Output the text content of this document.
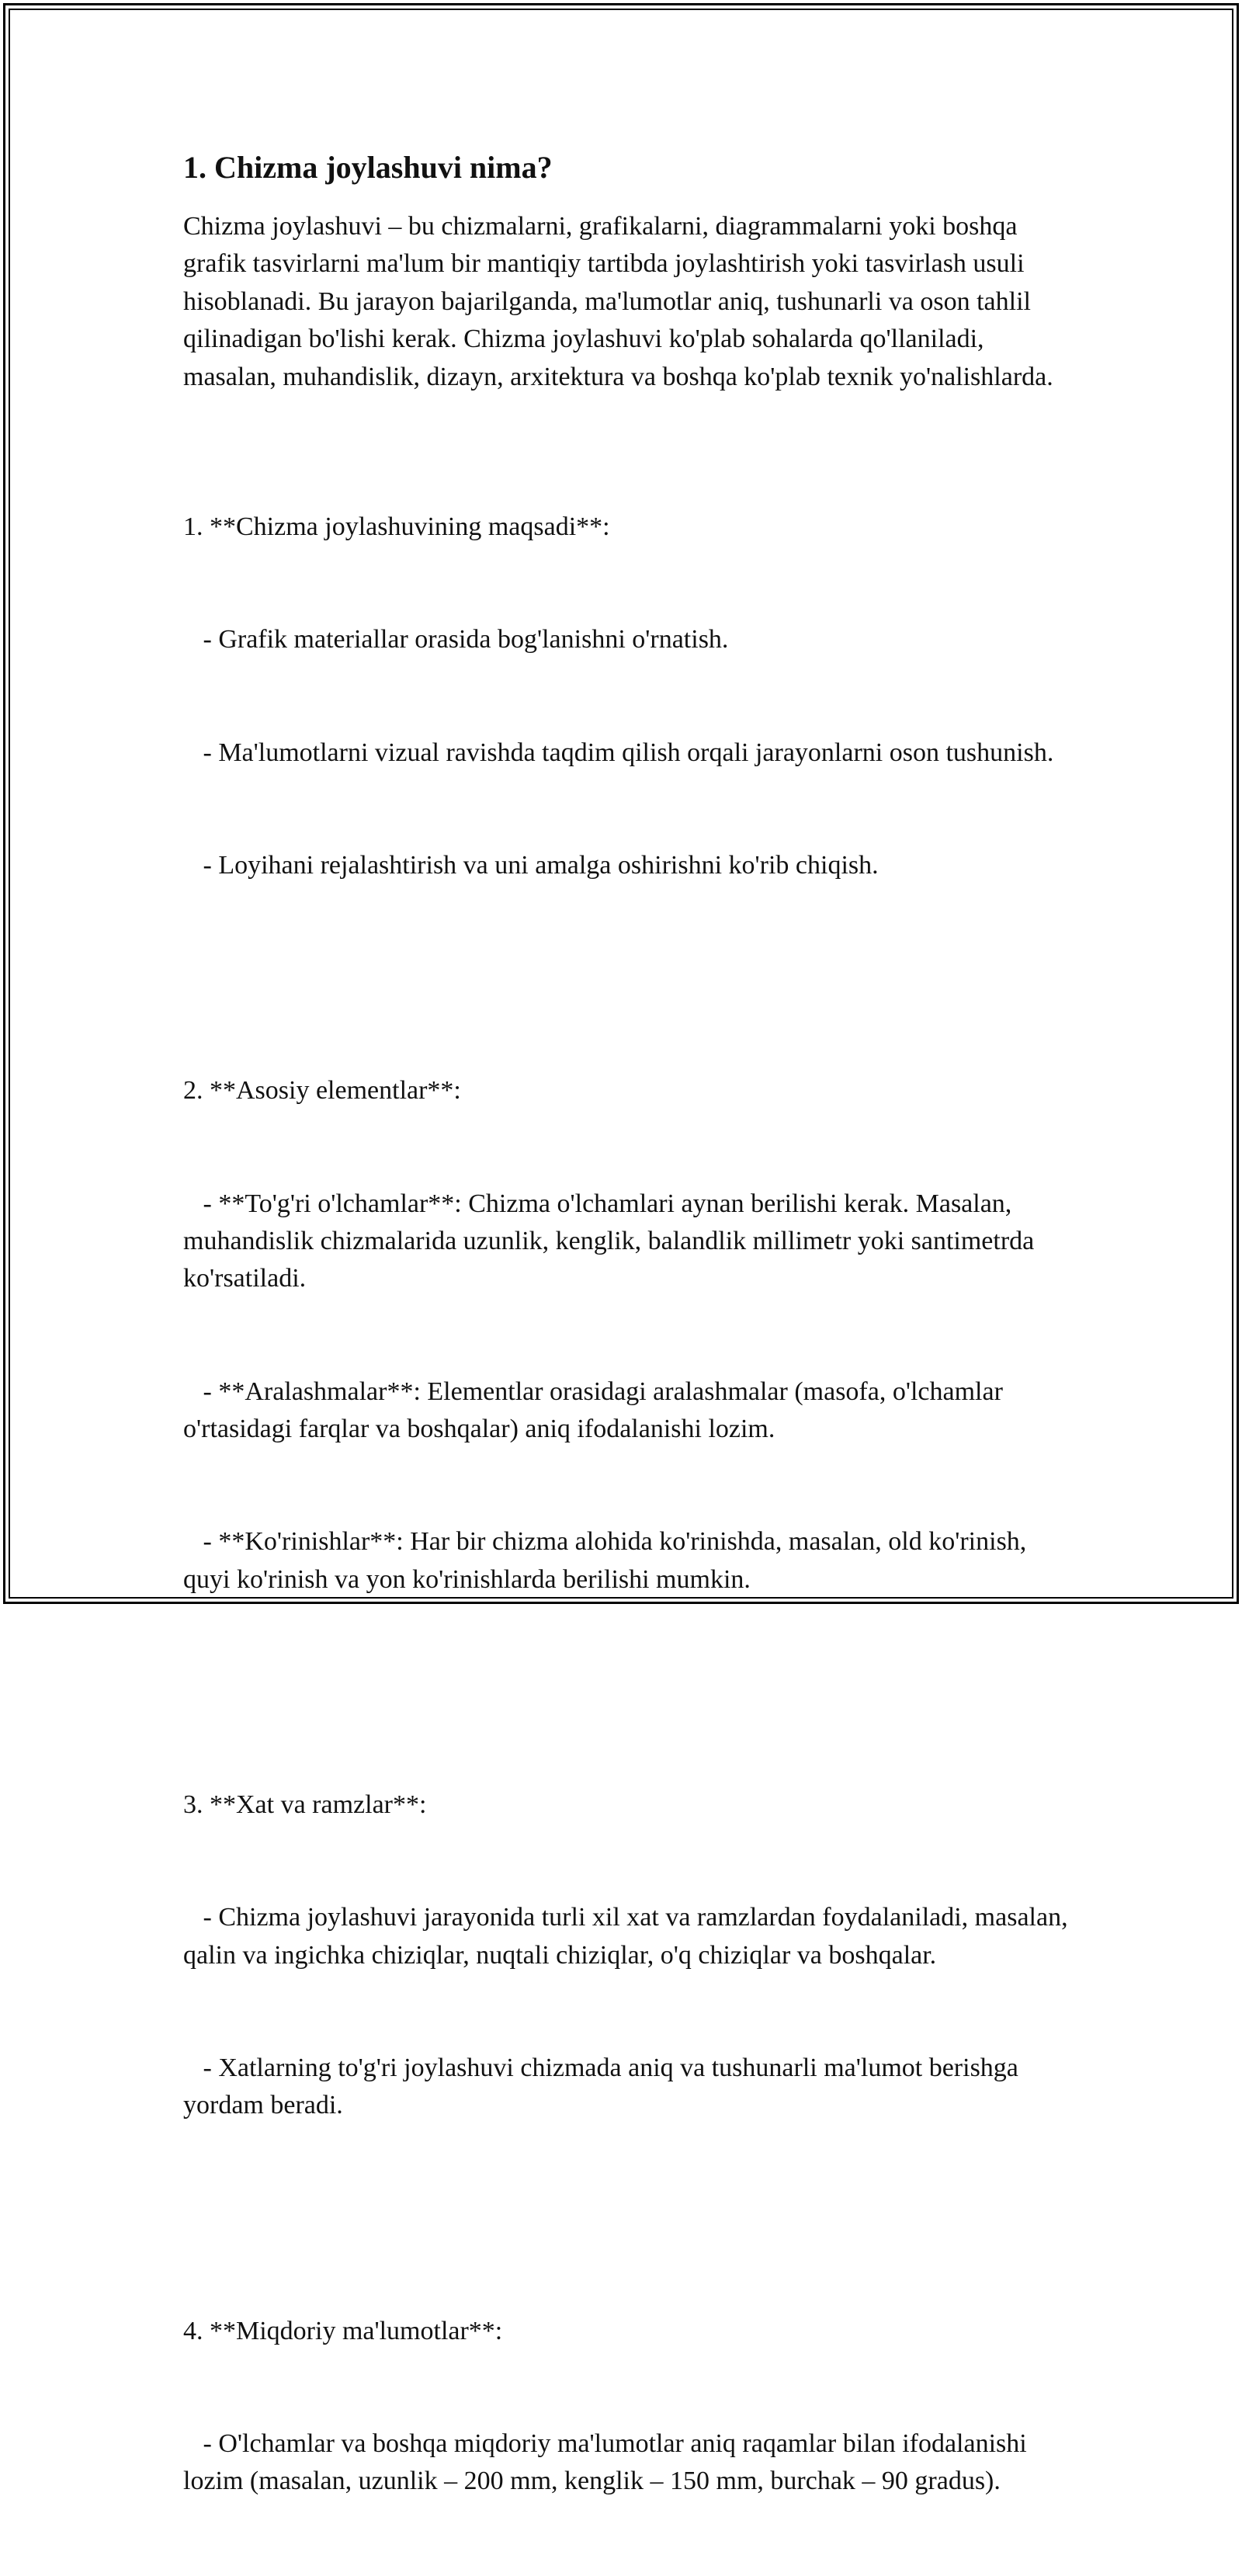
1. Chizma joylashuvi nima?

Chizma joylashuvi – bu chizmalarni, grafikalarni, diagrammalarni yoki boshqa grafik tasvirlarni ma'lum bir mantiqiy tartibda joylashtirish yoki tasvirlash usuli hisoblanadi. Bu jarayon bajarilganda, ma'lumotlar aniq, tushunarli va oson tahlil qilinadigan bo'lishi kerak. Chizma joylashuvi ko'plab sohalarda qo'llaniladi, masalan, muhandislik, dizayn, arxitektura va boshqa ko'plab texnik yo'nalishlarda.

1. **Chizma joylashuvining maqsadi**:

- Grafik materiallar orasida bog'lanishni o'rnatish.

- Ma'lumotlarni vizual ravishda taqdim qilish orqali jarayonlarni oson tushunish.

- Loyihani rejalashtirish va uni amalga oshirishni ko'rib chiqish.

2. **Asosiy elementlar**:

- **To'g'ri o'lchamlar**: Chizma o'lchamlari aynan berilishi kerak. Masalan, muhandislik chizmalarida uzunlik, kenglik, balandlik millimetr yoki santimetrda ko'rsatiladi.

- **Aralashmalar**: Elementlar orasidagi aralashmalar (masofa, o'lchamlar o'rtasidagi farqlar va boshqalar) aniq ifodalanishi lozim.

- **Ko'rinishlar**: Har bir chizma alohida ko'rinishda, masalan, old ko'rinish, quyi ko'rinish va yon ko'rinishlarda berilishi mumkin.

3. **Xat va ramzlar**:

- Chizma joylashuvi jarayonida turli xil xat va ramzlardan foydalaniladi, masalan, qalin va ingichka chiziqlar, nuqtali chiziqlar, o'q chiziqlar va boshqalar.

- Xatlarning to'g'ri joylashuvi chizmada aniq va tushunarli ma'lumot berishga yordam beradi.

4. **Miqdoriy ma'lumotlar**:

- O'lchamlar va boshqa miqdoriy ma'lumotlar aniq raqamlar bilan ifodalanishi lozim (masalan, uzunlik – 200 mm, kenglik – 150 mm, burchak – 90 gradus).
